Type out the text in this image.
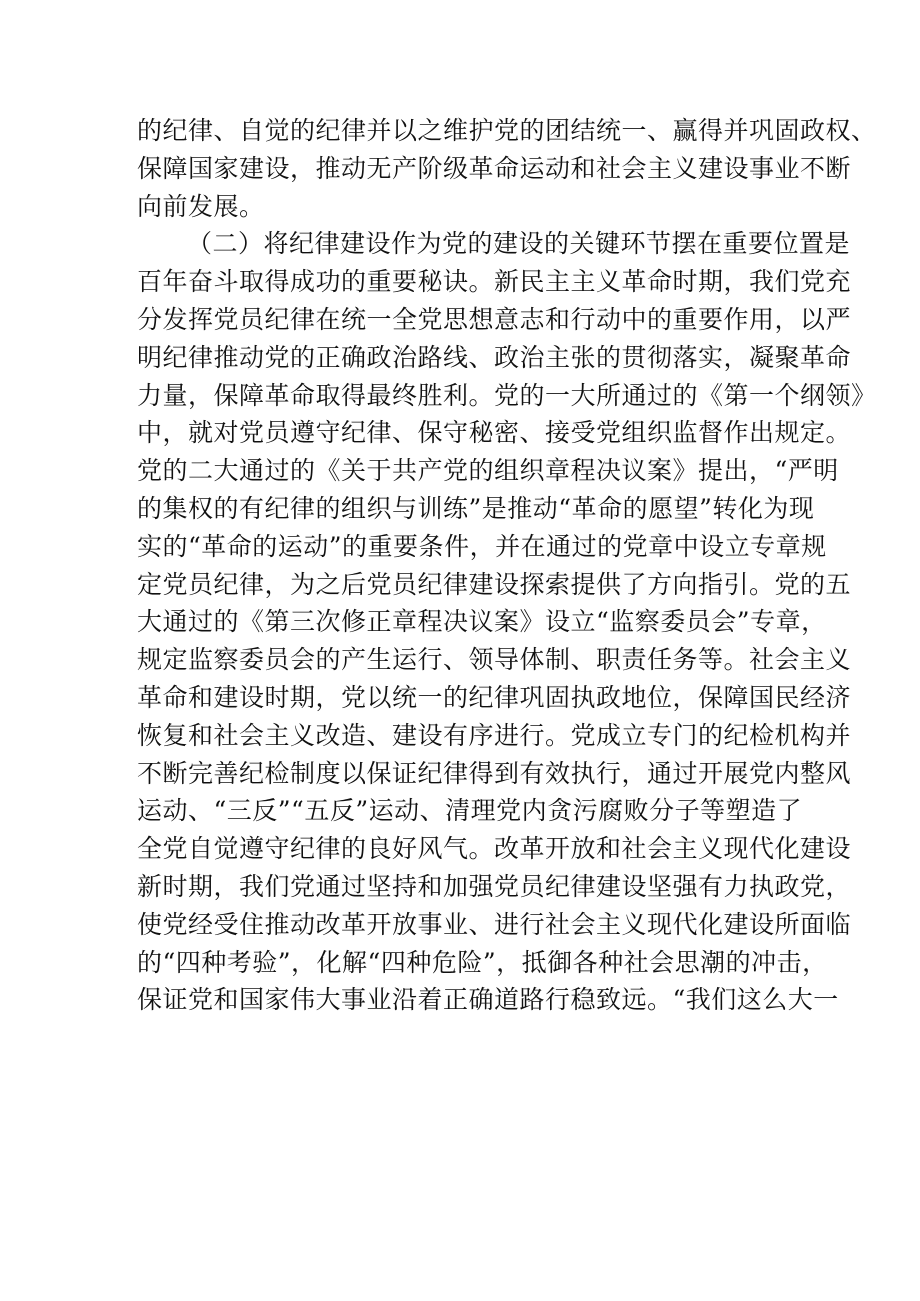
的纪律、自觉的纪律并以之维护党的团结统一、赢得并巩固政权、
保障国家建设，推动无产阶级革命运动和社会主义建设事业不断
向前发展。
（二）将纪律建设作为党的建设的关键环节摆在重要位置是
百年奋斗取得成功的重要秘诀。新民主主义革命时期，我们党充
分发挥党员纪律在统一全党思想意志和行动中的重要作用，以严
明纪律推动党的正确政治路线、政治主张的贯彻落实，凝聚革命
力量，保障革命取得最终胜利。党的一大所通过的《第一个纲领》
中，就对党员遵守纪律、保守秘密、接受党组织监督作出规定。
党的二大通过的《关于共产党的组织章程决议案》提出，“严明
的集权的有纪律的组织与训练”是推动“革命的愿望”转化为现
实的“革命的运动”的重要条件，并在通过的党章中设立专章规
定党员纪律，为之后党员纪律建设探索提供了方向指引。党的五
大通过的《第三次修正章程决议案》设立“监察委员会”专章，
规定监察委员会的产生运行、领导体制、职责任务等。社会主义
革命和建设时期，党以统一的纪律巩固执政地位，保障国民经济
恢复和社会主义改造、建设有序进行。党成立专门的纪检机构并
不断完善纪检制度以保证纪律得到有效执行，通过开展党内整风
运动、“三反”“五反”运动、清理党内贪污腐败分子等塑造了
全党自觉遵守纪律的良好风气。改革开放和社会主义现代化建设
新时期，我们党通过坚持和加强党员纪律建设坚强有力执政党，
使党经受住推动改革开放事业、进行社会主义现代化建设所面临
的“四种考验”，化解“四种危险”，抵御各种社会思潮的冲击，
保证党和国家伟大事业沿着正确道路行稳致远。“我们这么大一
